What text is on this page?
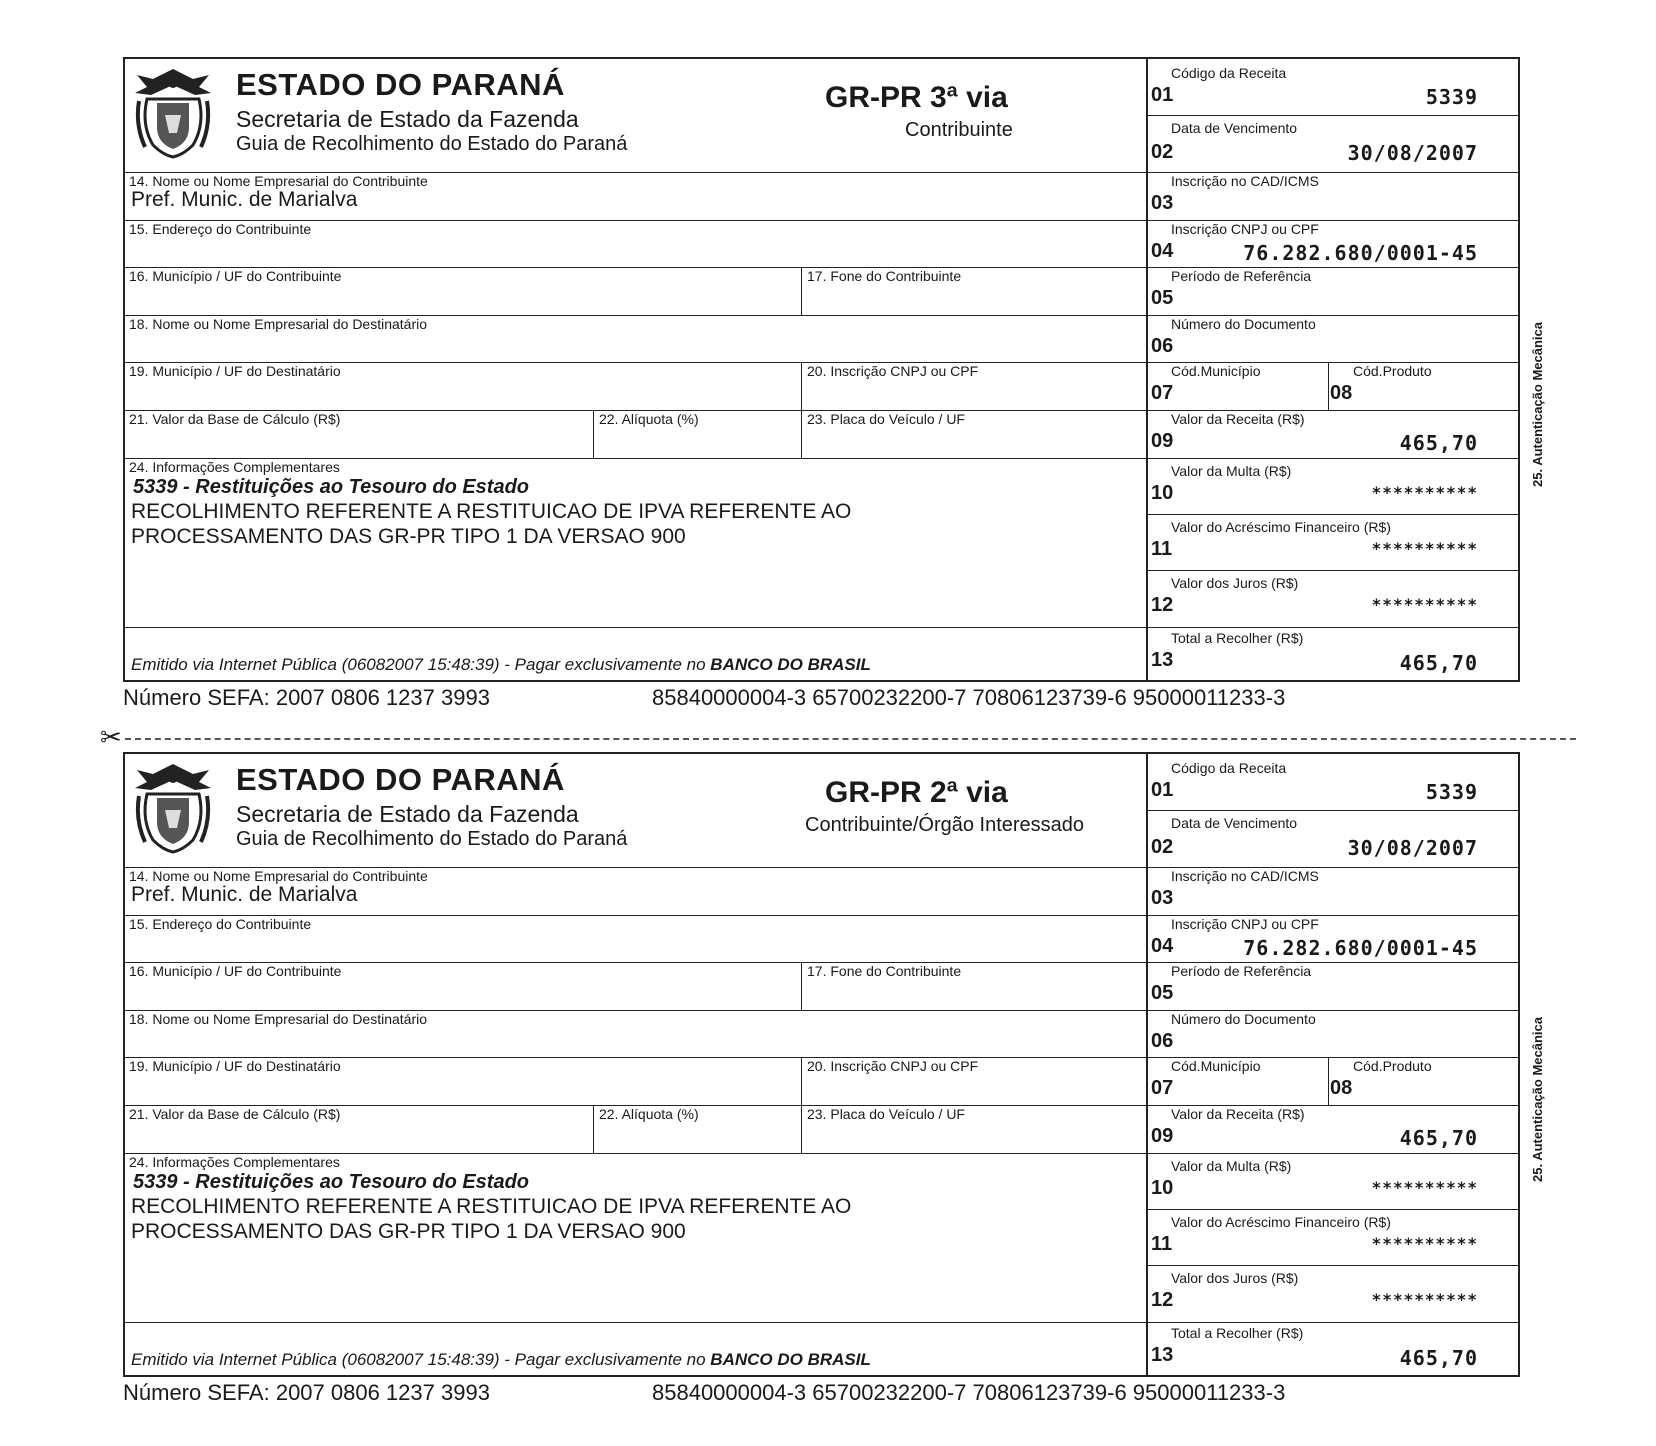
ESTADO DO PARANÁ
Secretaria de Estado da Fazenda
Guia de Recolhimento do Estado do Paraná
GR-PR 3ª via
Contribuinte
14. Nome ou Nome Empresarial do Contribuinte
Pref. Munic. de Marialva
15. Endereço do Contribuinte
16. Município / UF do Contribuinte	17. Fone do Contribuinte
18. Nome ou Nome Empresarial do Destinatário
19. Município / UF do Destinatário	20. Inscrição CNPJ ou CPF
21. Valor da Base de Cálculo (R$)	22. Alíquota (%)	23. Placa do Veículo / UF
24. Informações Complementares
5339 - Restituições ao Tesouro do Estado
RECOLHIMENTO REFERENTE A RESTITUICAO DE IPVA REFERENTE AO
PROCESSAMENTO DAS GR-PR TIPO 1 DA VERSAO 900
Emitido via Internet Pública (06082007 15:48:39) - Pagar exclusivamente no BANCO DO BRASIL
Código da Receita
01	5339
Data de Vencimento
02	30/08/2007
Inscrição no CAD/ICMS
03
Inscrição CNPJ ou CPF
04	76.282.680/0001-45
Período de Referência
05
Número do Documento
06
Cód.Município
07
Cód.Produto
08
Valor da Receita (R$)
09	465,70
Valor da Multa (R$)
10	**********
Valor do Acréscimo Financeiro (R$)
11	**********
Valor dos Juros (R$)
12	**********
Total a Recolher (R$)
13	465,70
25. Autenticação Mecânica
Número SEFA: 2007 0806 1237 3993	85840000004-3 65700232200-7 70806123739-6 95000011233-3
✂
ESTADO DO PARANÁ
Secretaria de Estado da Fazenda
Guia de Recolhimento do Estado do Paraná
GR-PR 2ª via
Contribuinte/Órgão Interessado
14. Nome ou Nome Empresarial do Contribuinte
Pref. Munic. de Marialva
15. Endereço do Contribuinte
16. Município / UF do Contribuinte	17. Fone do Contribuinte
18. Nome ou Nome Empresarial do Destinatário
19. Município / UF do Destinatário	20. Inscrição CNPJ ou CPF
21. Valor da Base de Cálculo (R$)	22. Alíquota (%)	23. Placa do Veículo / UF
24. Informações Complementares
5339 - Restituições ao Tesouro do Estado
RECOLHIMENTO REFERENTE A RESTITUICAO DE IPVA REFERENTE AO
PROCESSAMENTO DAS GR-PR TIPO 1 DA VERSAO 900
Emitido via Internet Pública (06082007 15:48:39) - Pagar exclusivamente no BANCO DO BRASIL
Código da Receita
01	5339
Data de Vencimento
02	30/08/2007
Inscrição no CAD/ICMS
03
Inscrição CNPJ ou CPF
04	76.282.680/0001-45
Período de Referência
05
Número do Documento
06
Cód.Município
07
Cód.Produto
08
Valor da Receita (R$)
09	465,70
Valor da Multa (R$)
10	**********
Valor do Acréscimo Financeiro (R$)
11	**********
Valor dos Juros (R$)
12	**********
Total a Recolher (R$)
13	465,70
25. Autenticação Mecânica
Número SEFA: 2007 0806 1237 3993	85840000004-3 65700232200-7 70806123739-6 95000011233-3
